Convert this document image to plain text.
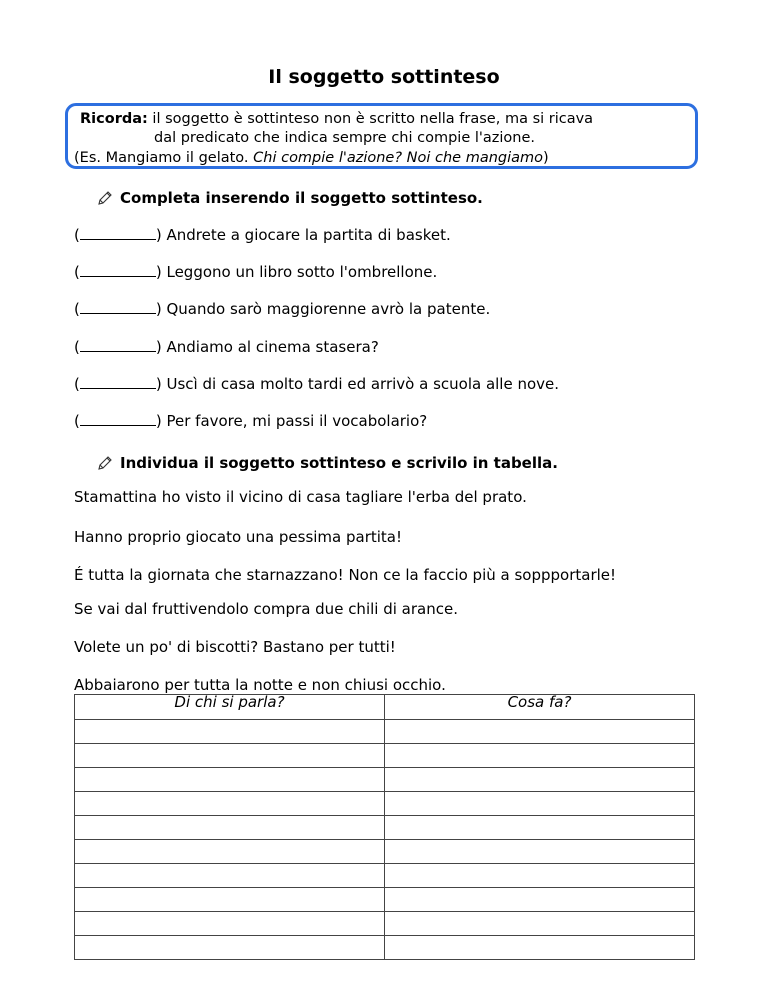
Il soggetto sottinteso
Ricorda: il soggetto è sottinteso non è scritto nella frase, ma si ricava
dal predicato che indica sempre chi compie l'azione.
(Es. Mangiamo il gelato. Chi compie l'azione? Noi che mangiamo)
Completa inserendo il soggetto sottinteso.
(	) Andrete a giocare la partita di basket.
(	) Leggono un libro sotto l'ombrellone.
(	) Quando sarò maggiorenne avrò la patente.
(	) Andiamo al cinema stasera?
(	) Uscì di casa molto tardi ed arrivò a scuola alle nove.
(	) Per favore, mi passi il vocabolario?
Individua il soggetto sottinteso e scrivilo in tabella.
Stamattina ho visto il vicino di casa tagliare l'erba del prato.
Hanno proprio giocato una pessima partita!
É tutta la giornata che starnazzano! Non ce la faccio più a soppportarle!
Se vai dal fruttivendolo compra due chili di arance.
Volete un po' di biscotti? Bastano per tutti!
Abbaiarono per tutta la notte e non chiusi occhio.
Di chi si parla?	Cosa fa?
